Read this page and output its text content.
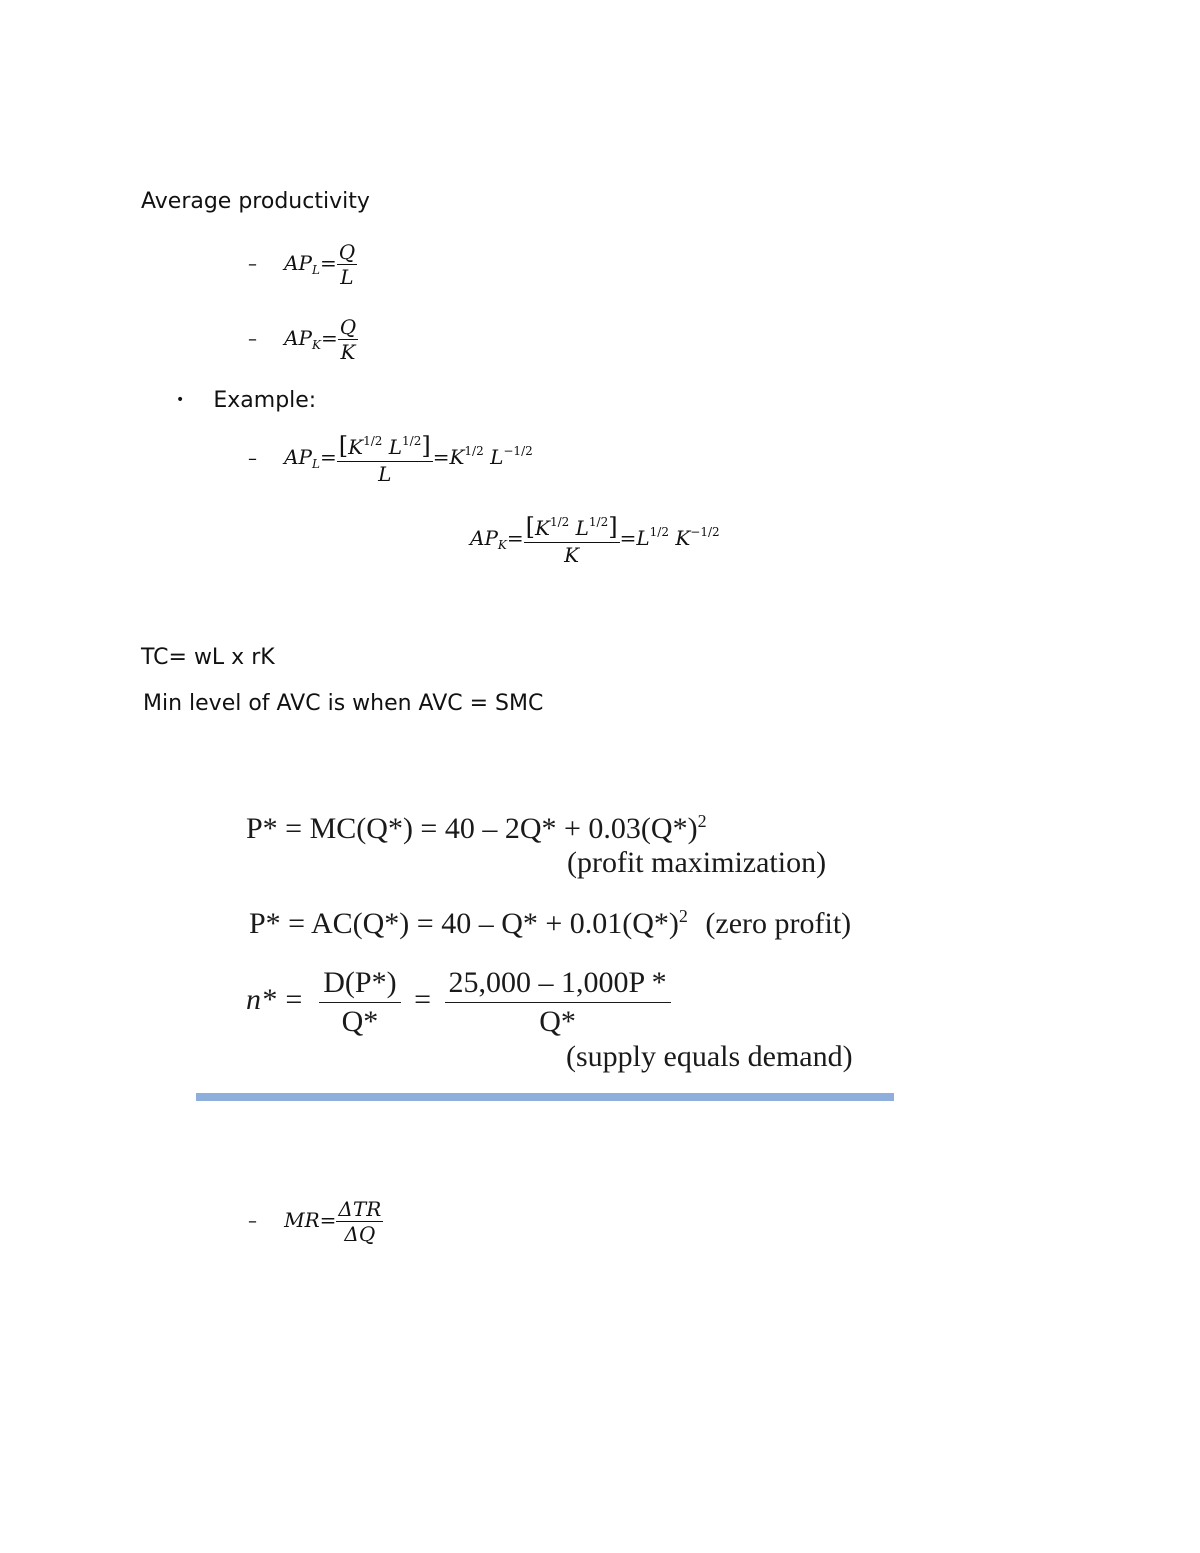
Average productivity
– $AP_L= \frac{Q}{L}$
– $AP_K= \frac{Q}{K}$
• Example:
– $AP_L= \frac{[K^{1/2} L^{1/2}]}{L} =K^{1/2}$ $L^{-1/2}$
$AP_K= \frac{[K^{1/2} L^{1/2}]}{K} =L^{1/2}$ $K^{-1/2}$
TC= wL x rK
Min level of AVC is when AVC = SMC
$P* = MC(Q*) = 40 - 2Q* + 0.03(Q*)^2$
(profit maximization)
$P* = AC(Q*) = 40 - Q* + 0.01(Q*)^2$ (zero profit)
$n* = \frac{D(P*)}{Q*} = \frac{25,000 - 1,000P *}{Q*}$
(supply equals demand)
– $MR= \frac{\text{ΔTR}}{\Delta Q}$
